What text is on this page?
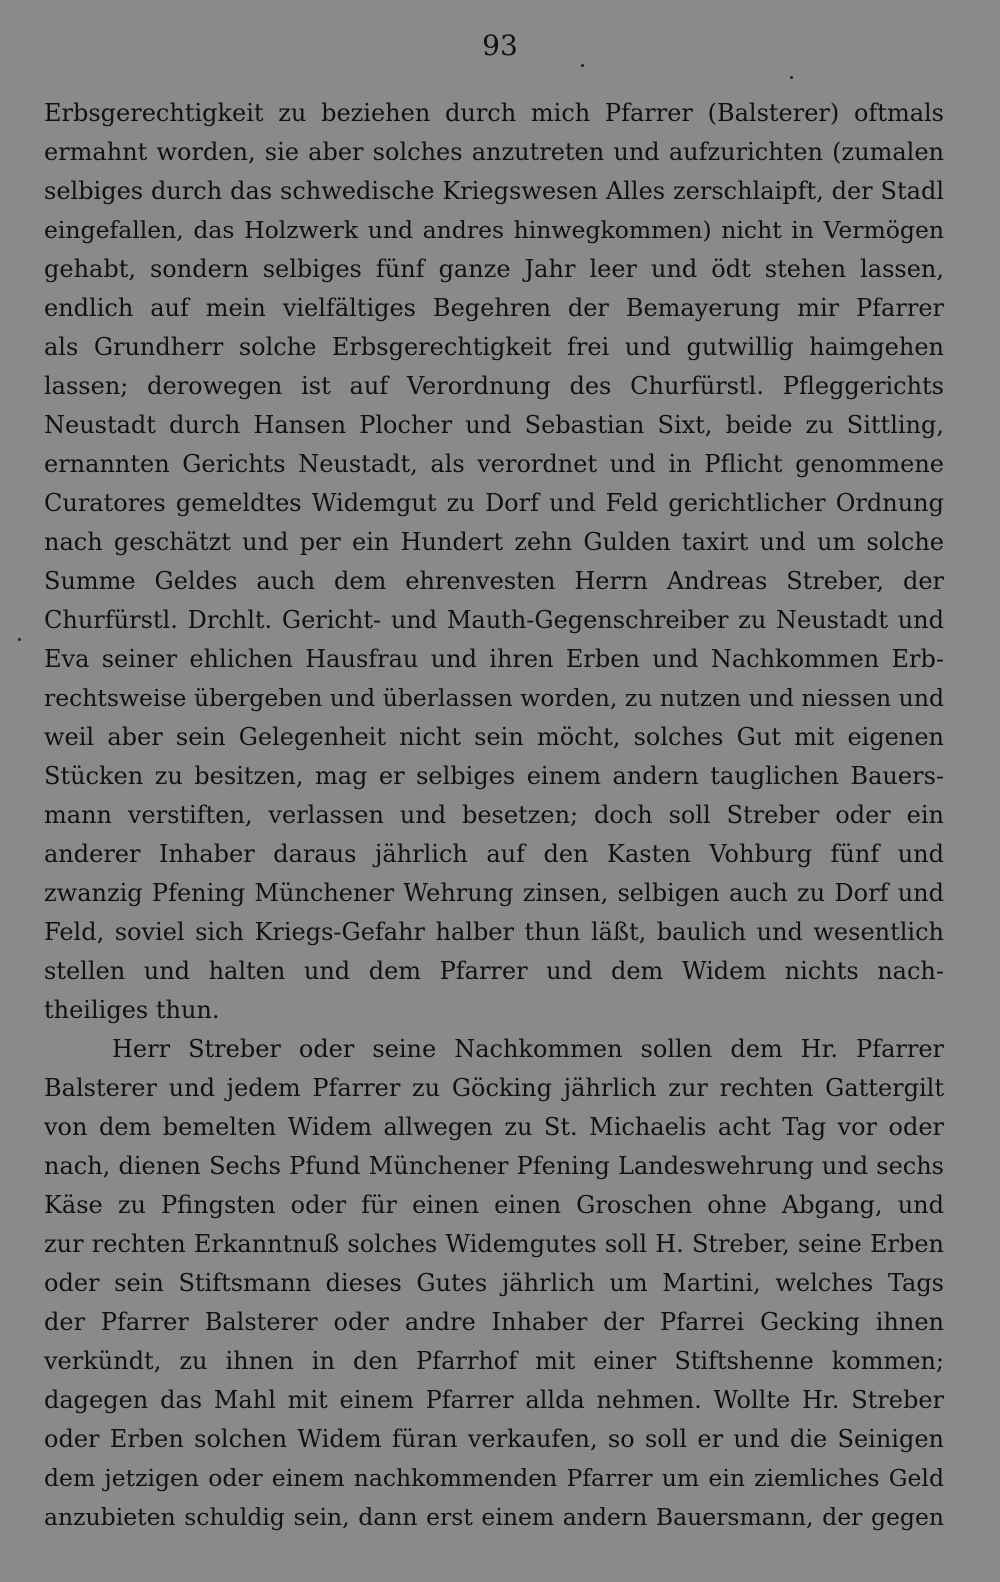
93
Erbsgerechtigkeit zu beziehen durch mich Pfarrer (Balsterer) oftmals
ermahnt worden, sie aber solches anzutreten und aufzurichten (zumalen
selbiges durch das schwedische Kriegswesen Alles zerschlaipft, der Stadl
eingefallen, das Holzwerk und andres hinwegkommen) nicht in Vermögen
gehabt, sondern selbiges fünf ganze Jahr leer und ödt stehen lassen,
endlich auf mein vielfältiges Begehren der Bemayerung mir Pfarrer
als Grundherr solche Erbsgerechtigkeit frei und gutwillig haimgehen
lassen; derowegen ist auf Verordnung des Churfürstl. Pfleggerichts
Neustadt durch Hansen Plocher und Sebastian Sixt, beide zu Sittling,
ernannten Gerichts Neustadt, als verordnet und in Pflicht genommene
Curatores gemeldtes Widemgut zu Dorf und Feld gerichtlicher Ordnung
nach geschätzt und per ein Hundert zehn Gulden taxirt und um solche
Summe Geldes auch dem ehrenvesten Herrn Andreas Streber, der
Churfürstl. Drchlt. Gericht- und Mauth-Gegenschreiber zu Neustadt und
Eva seiner ehlichen Hausfrau und ihren Erben und Nachkommen Erb-
rechtsweise übergeben und überlassen worden, zu nutzen und niessen und
weil aber sein Gelegenheit nicht sein möcht, solches Gut mit eigenen
Stücken zu besitzen, mag er selbiges einem andern tauglichen Bauers-
mann verstiften, verlassen und besetzen; doch soll Streber oder ein
anderer Inhaber daraus jährlich auf den Kasten Vohburg fünf und
zwanzig Pfening Münchener Wehrung zinsen, selbigen auch zu Dorf und
Feld, soviel sich Kriegs-Gefahr halber thun läßt, baulich und wesentlich
stellen und halten und dem Pfarrer und dem Widem nichts nach-
theiliges thun.
Herr Streber oder seine Nachkommen sollen dem Hr. Pfarrer
Balsterer und jedem Pfarrer zu Göcking jährlich zur rechten Gattergilt
von dem bemelten Widem allwegen zu St. Michaelis acht Tag vor oder
nach, dienen Sechs Pfund Münchener Pfening Landeswehrung und sechs
Käse zu Pfingsten oder für einen einen Groschen ohne Abgang, und
zur rechten Erkanntnuß solches Widemgutes soll H. Streber, seine Erben
oder sein Stiftsmann dieses Gutes jährlich um Martini, welches Tags
der Pfarrer Balsterer oder andre Inhaber der Pfarrei Gecking ihnen
verkündt, zu ihnen in den Pfarrhof mit einer Stiftshenne kommen;
dagegen das Mahl mit einem Pfarrer allda nehmen. Wollte Hr. Streber
oder Erben solchen Widem füran verkaufen, so soll er und die Seinigen
dem jetzigen oder einem nachkommenden Pfarrer um ein ziemliches Geld
anzubieten schuldig sein, dann erst einem andern Bauersmann, der gegen
